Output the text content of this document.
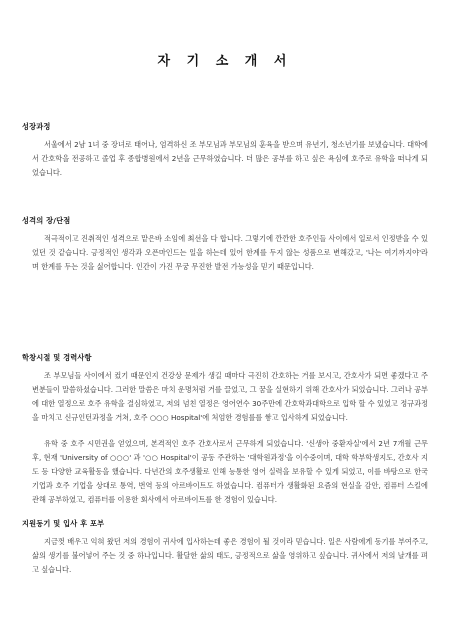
자 기 소 개 서
성장과정

서울에서 2남 1녀 중 장녀로 태어나, 엄격하신 조 부모님과 부모님의 훈육을 받으며 유년기, 청소년기를 보냈습니다. 대학에서 간호학을 전공하고 졸업 후 종합병원에서 2년을 근무하였습니다. 더 많은 공부를 하고 싶은 욕심에 호주로 유학을 떠나게 되었습니다.

성격의 장/단점

적극적이고 진취적인 성격으로 맡은바 소임에 최선을 다 합니다. 그렇기에 깐깐한 호주인들 사이에서 일로서 인정받을 수 있었던 것 같습니다. 긍정적인 생각과 오픈마인드는 일을 하는데 있어 한계를 두지 않는 성품으로 변해갔고, '나는 여기까지야'라며 한계를 두는 것을 싫어합니다. 인간이 가진 무궁 무진한 발전 가능성을 믿기 때문입니다.

학창시절 및 경력사항

조 부모님들 사이에서 컸기 때문인지 건강상 문제가 생길 때마다 극진히 간호하는 거를 보시고, 간호사가 되면 좋겠다고 주변분들이 말씀하셨습니다. 그러한 말씀은 마치 운명처럼 거를 끌었고, 그 꿈을 실현하기 위해 간호사가 되었습니다. 그러나 공부에 대한 열정으로 호주 유학을 결심하였고, 저의 넘친 열정은 영어연수 30주만에 간호학과대학으로 입학 할 수 있었고 정규과정을 마치고 신규인턴과정을 거쳐, 호주 ○○○ Hospital'에 처엄한 경험를를 쌓고 입사하게 되었습니다.

유학 중 호주 시민권을 얻었으며, 본격적인 호주 간호사로서 근무하게 되었습니다. '신생아 중환자실'에서 2년 7개월 근무 후, 현재 'University of ○○○' 과 '○○ Hospital'이 공동 주관하는 '대학원과정'을 이수중이며, 대학 학부학생지도, 간호사 지도 등 다양한 교육활동을 했습니다. 다년간의 호주생활로 인해 능통한 영어 실력을 보유할 수 있게 되었고, 이를 바탕으로 한국 기업과 호주 기업을 상대로 통역, 번역 등의 아르바이트도 하였습니다. 컴퓨터가 생활화된 요즘의 현실을 감안, 컴퓨터 스킬에 관해 공부하였고, 컴퓨터를 이용한 회사에서 아르바이트를 한 경험이 있습니다.

지원동기 및 입사 후 포부

지금껏 배우고 익혀 왔던 저의 경험이 귀사에 입사하는데 좋은 경험이 될 것이라 믿습니다. 일은 사람에게 동기를 부여주고, 삶의 생기를 불어넣어 주는 것 중 하나입니다. 활달한 삶의 태도, 긍정적으로 삶을 영위하고 싶습니다. 귀사에서 저의 날개를 펴고 싶습니다.
